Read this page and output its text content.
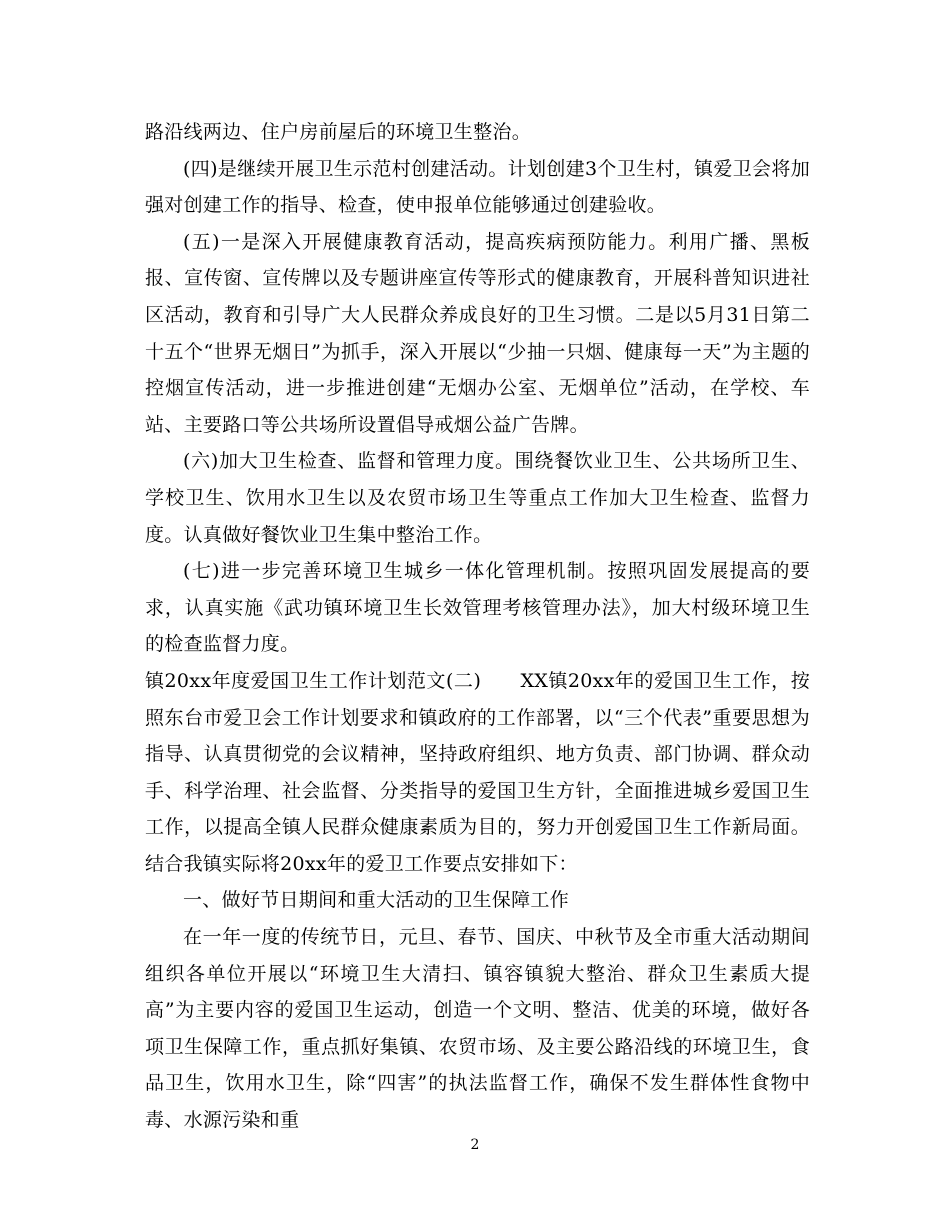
路沿线两边、住户房前屋后的环境卫生整治。

(四)是继续开展卫生示范村创建活动。计划创建3个卫生村，镇爱卫会将加强对创建工作的指导、检查，使申报单位能够通过创建验收。

(五)一是深入开展健康教育活动，提高疾病预防能力。利用广播、黑板报、宣传窗、宣传牌以及专题讲座宣传等形式的健康教育，开展科普知识进社区活动，教育和引导广大人民群众养成良好的卫生习惯。二是以5月31日第二十五个“世界无烟日”为抓手，深入开展以“少抽一只烟、健康每一天”为主题的控烟宣传活动，进一步推进创建“无烟办公室、无烟单位”活动，在学校、车站、主要路口等公共场所设置倡导戒烟公益广告牌。

(六)加大卫生检查、监督和管理力度。围绕餐饮业卫生、公共场所卫生、学校卫生、饮用水卫生以及农贸市场卫生等重点工作加大卫生检查、监督力度。认真做好餐饮业卫生集中整治工作。

(七)进一步完善环境卫生城乡一体化管理机制。按照巩固发展提高的要求，认真实施《武功镇环境卫生长效管理考核管理办法》，加大村级环境卫生的检查监督力度。

镇20xx年度爱国卫生工作计划范文(二)　　XX镇20xx年的爱国卫生工作，按照东台市爱卫会工作计划要求和镇政府的工作部署，以“三个代表”重要思想为指导、认真贯彻党的会议精神，坚持政府组织、地方负责、部门协调、群众动手、科学治理、社会监督、分类指导的爱国卫生方针，全面推进城乡爱国卫生工作，以提高全镇人民群众健康素质为目的，努力开创爱国卫生工作新局面。结合我镇实际将20xx年的爱卫工作要点安排如下：

一、做好节日期间和重大活动的卫生保障工作

在一年一度的传统节日，元旦、春节、国庆、中秋节及全市重大活动期间组织各单位开展以“环境卫生大清扫、镇容镇貌大整治、群众卫生素质大提高”为主要内容的爱国卫生运动，创造一个文明、整洁、优美的环境，做好各项卫生保障工作，重点抓好集镇、农贸市场、及主要公路沿线的环境卫生，食品卫生，饮用水卫生，除“四害”的执法监督工作，确保不发生群体性食物中毒、水源污染和重

2
